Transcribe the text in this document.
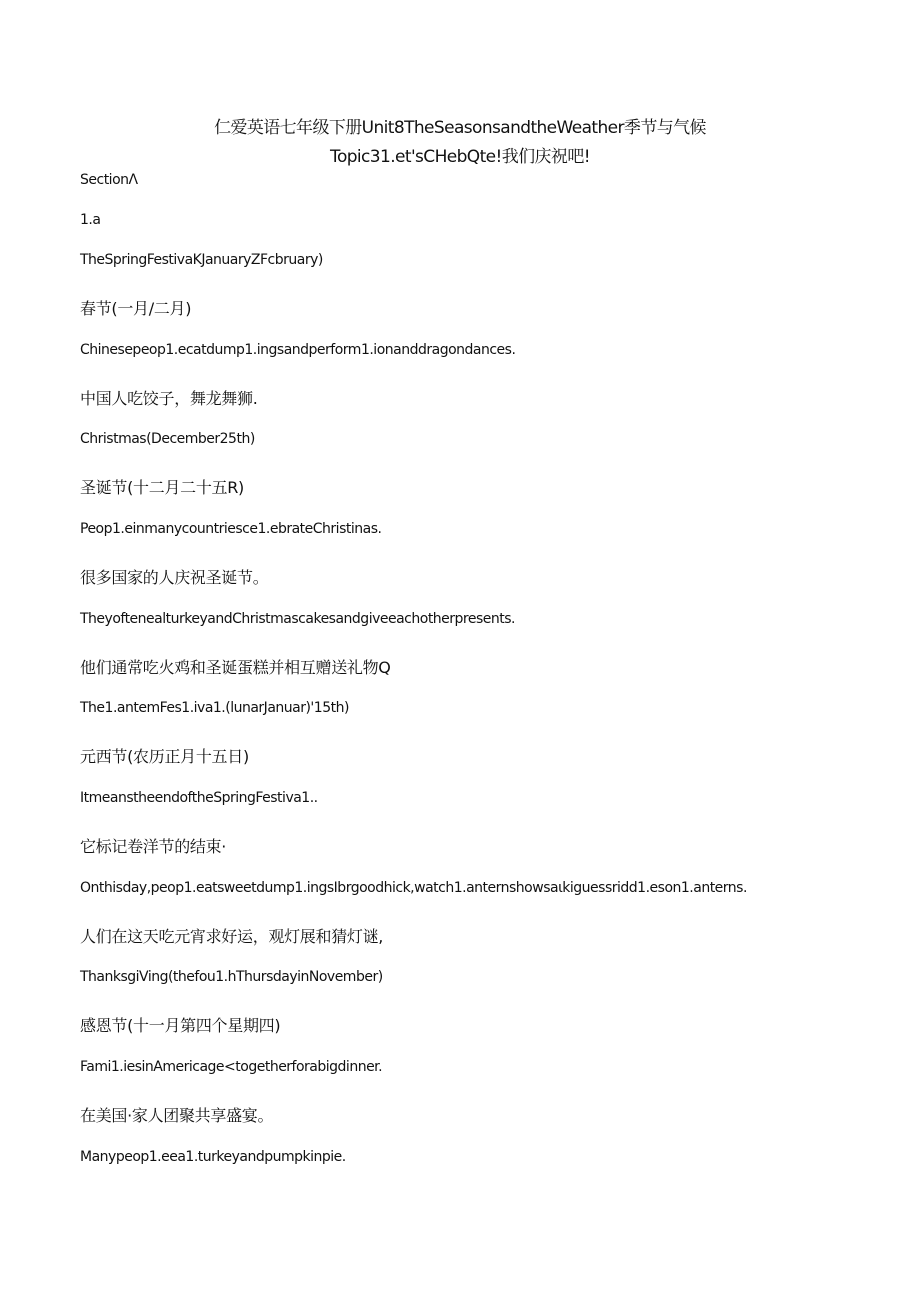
仁爱英语七年级下册Unit8TheSeasonsandtheWeather季节与气候
Topic31.et'sCHebQte!我们庆祝吧!
SectionΛ
1.a
TheSpringFestivaKJanuaryZFcbruary)
春节(一月/二月)
Chinesepeop1.ecatdump1.ingsandperform1.ionanddragondances.
中国人吃饺子，舞龙舞狮.
Christmas(December25th)
圣诞节(十二月二十五R)
Peop1.einmanycountriesce1.ebrateChristinas.
很多国家的人庆祝圣诞节。
TheyoftenealturkeyandChristmascakesandgiveeachotherpresents.
他们通常吃火鸡和圣诞蛋糕并相互赠送礼物Q
The1.antemFes1.iva1.(lunarJanuar)'15th)
元西节(农历正月十五日)
ItmeanstheendoftheSpringFestiva1..
它标记卷洋节的结束·
Onthisday,peop1.eatsweetdump1.ingsIbrgoodhick,watch1.anternshowsaιkiguessridd1.eson1.anterns.
人们在这天吃元宵求好运，观灯展和猜灯谜,
ThanksgiVing(thefou1.hThursdayinNovember)
感恩节(十一月第四个星期四)
Fami1.iesinAmericage<togetherforabigdinner.
在美国·家人团聚共享盛宴。
Manypeop1.eea1.turkeyandpumpkinpie.
